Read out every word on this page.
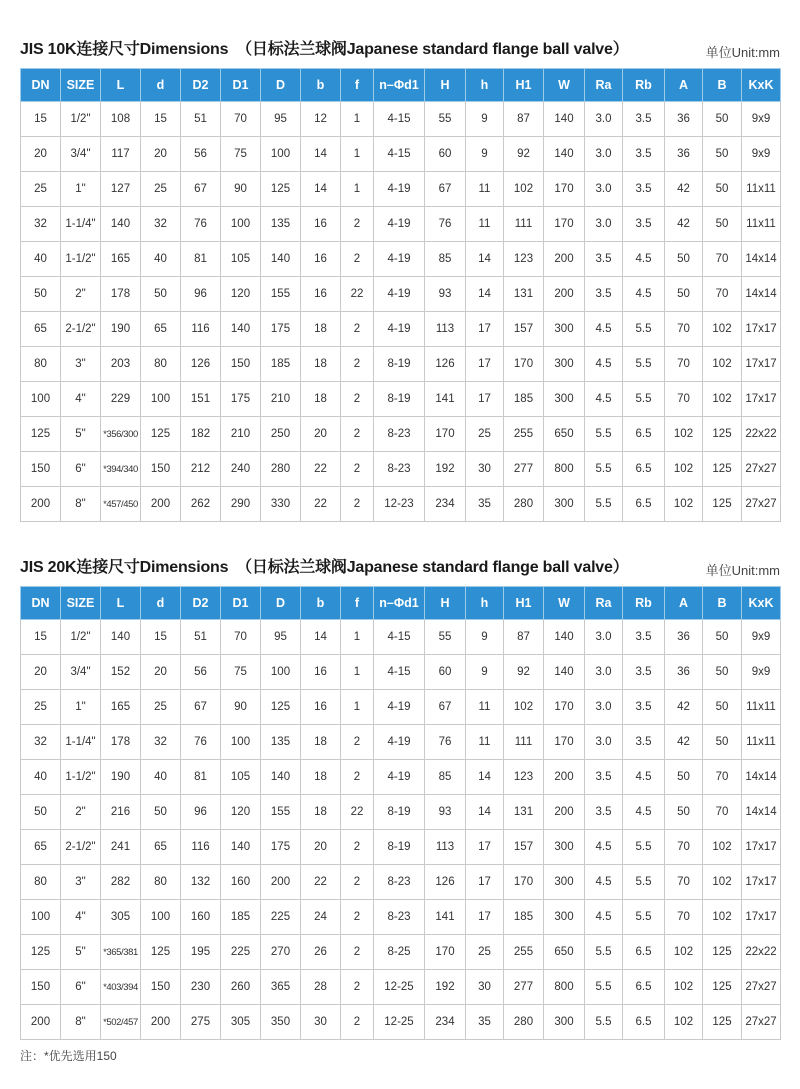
JIS 10K连接尺寸Dimensions　（日标法兰球阀Japanese standard flange ball valve）	单位Unit:mm
DN	SIZE	L	d	D2	D1	D	b	f	n–Φd1	H	h	H1	W	Ra	Rb	A	B	KxK
15	1/2"	108	15	51	70	95	12	1	4-15	55	9	87	140	3.0	3.5	36	50	9x9
20	3/4"	117	20	56	75	100	14	1	4-15	60	9	92	140	3.0	3.5	36	50	9x9
25	1"	127	25	67	90	125	14	1	4-19	67	11	102	170	3.0	3.5	42	50	11x11
32	1-1/4"	140	32	76	100	135	16	2	4-19	76	11	111	170	3.0	3.5	42	50	11x11
40	1-1/2"	165	40	81	105	140	16	2	4-19	85	14	123	200	3.5	4.5	50	70	14x14
50	2"	178	50	96	120	155	16	22	4-19	93	14	131	200	3.5	4.5	50	70	14x14
65	2-1/2"	190	65	116	140	175	18	2	4-19	113	17	157	300	4.5	5.5	70	102	17x17
80	3"	203	80	126	150	185	18	2	8-19	126	17	170	300	4.5	5.5	70	102	17x17
100	4"	229	100	151	175	210	18	2	8-19	141	17	185	300	4.5	5.5	70	102	17x17
125	5"	*356/300	125	182	210	250	20	2	8-23	170	25	255	650	5.5	6.5	102	125	22x22
150	6"	*394/340	150	212	240	280	22	2	8-23	192	30	277	800	5.5	6.5	102	125	27x27
200	8"	*457/450	200	262	290	330	22	2	12-23	234	35	280	300	5.5	6.5	102	125	27x27
JIS 20K连接尺寸Dimensions　（日标法兰球阀Japanese standard flange ball valve）	单位Unit:mm
DN	SIZE	L	d	D2	D1	D	b	f	n–Φd1	H	h	H1	W	Ra	Rb	A	B	KxK
15	1/2"	140	15	51	70	95	14	1	4-15	55	9	87	140	3.0	3.5	36	50	9x9
20	3/4"	152	20	56	75	100	16	1	4-15	60	9	92	140	3.0	3.5	36	50	9x9
25	1"	165	25	67	90	125	16	1	4-19	67	11	102	170	3.0	3.5	42	50	11x11
32	1-1/4"	178	32	76	100	135	18	2	4-19	76	11	111	170	3.0	3.5	42	50	11x11
40	1-1/2"	190	40	81	105	140	18	2	4-19	85	14	123	200	3.5	4.5	50	70	14x14
50	2"	216	50	96	120	155	18	22	8-19	93	14	131	200	3.5	4.5	50	70	14x14
65	2-1/2"	241	65	116	140	175	20	2	8-19	113	17	157	300	4.5	5.5	70	102	17x17
80	3"	282	80	132	160	200	22	2	8-23	126	17	170	300	4.5	5.5	70	102	17x17
100	4"	305	100	160	185	225	24	2	8-23	141	17	185	300	4.5	5.5	70	102	17x17
125	5"	*365/381	125	195	225	270	26	2	8-25	170	25	255	650	5.5	6.5	102	125	22x22
150	6"	*403/394	150	230	260	365	28	2	12-25	192	30	277	800	5.5	6.5	102	125	27x27
200	8"	*502/457	200	275	305	350	30	2	12-25	234	35	280	300	5.5	6.5	102	125	27x27
注：*优先选用150
